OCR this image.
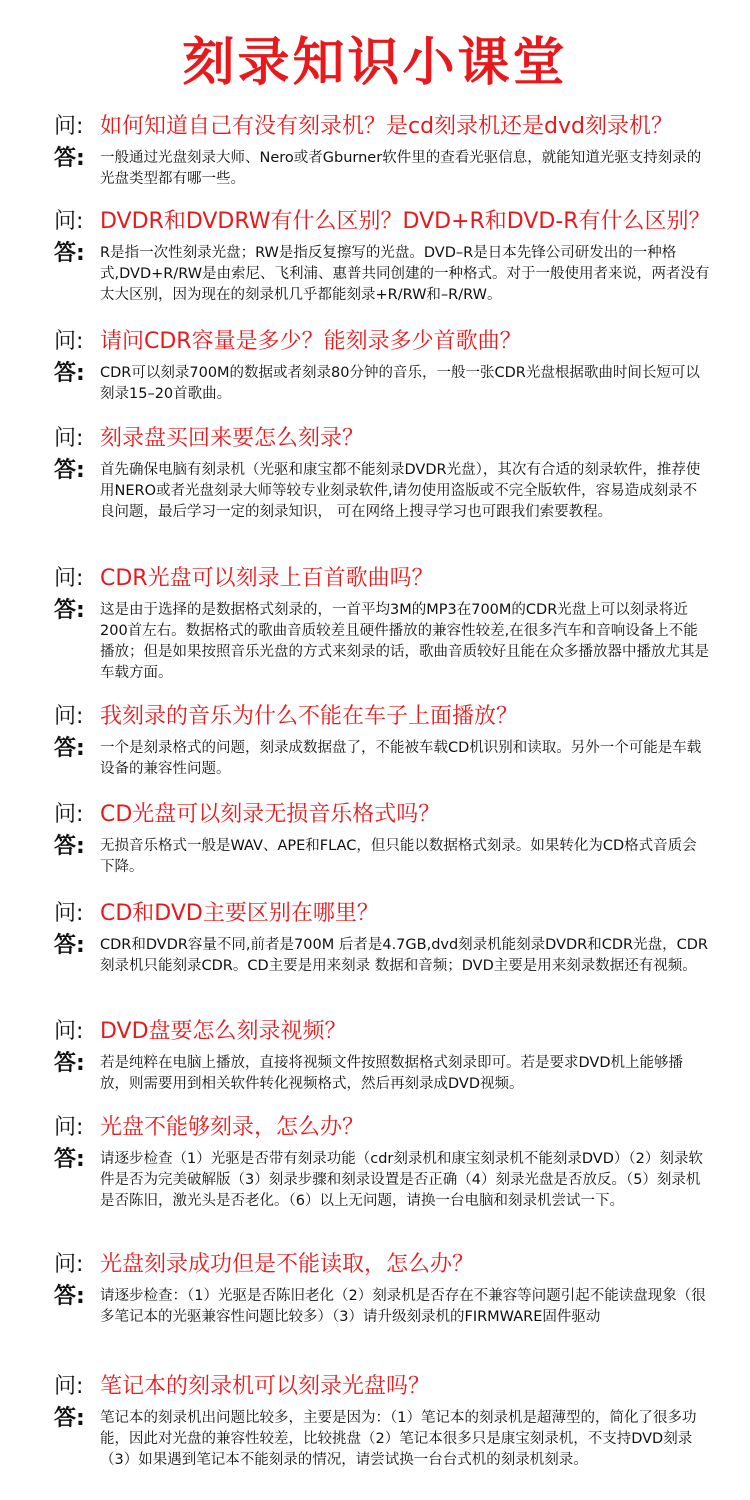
刻录知识小课堂
问: 如何知道自己有没有刻录机？是cd刻录机还是dvd刻录机？
答: 一般通过光盘刻录大师、Nero或者Gburner软件里的查看光驱信息，就能知道光驱支持刻录的光盘类型都有哪一些。
问: DVDR和DVDRW有什么区别？DVD+R和DVD-R有什么区别？
答: R是指一次性刻录光盘；RW是指反复擦写的光盘。DVD–R是日本先锋公司研发出的一种格式,DVD+R/RW是由索尼、飞利浦、惠普共同创建的一种格式。对于一般使用者来说，两者没有太大区别，因为现在的刻录机几乎都能刻录+R/RW和–R/RW。
问: 请问CDR容量是多少？能刻录多少首歌曲？
答: CDR可以刻录700M的数据或者刻录80分钟的音乐，一般一张CDR光盘根据歌曲时间长短可以刻录15–20首歌曲。
问: 刻录盘买回来要怎么刻录？
答: 首先确保电脑有刻录机（光驱和康宝都不能刻录DVDR光盘），其次有合适的刻录软件，推荐使用NERO或者光盘刻录大师等较专业刻录软件,请勿使用盗版或不完全版软件，容易造成刻录不良问题，最后学习一定的刻录知识， 可在网络上搜寻学习也可跟我们索要教程。
问: CDR光盘可以刻录上百首歌曲吗？
答: 这是由于选择的是数据格式刻录的，一首平均3M的MP3在700M的CDR光盘上可以刻录将近200首左右。数据格式的歌曲音质较差且硬件播放的兼容性较差,在很多汽车和音响设备上不能播放；但是如果按照音乐光盘的方式来刻录的话，歌曲音质较好且能在众多播放器中播放尤其是车载方面。
问: 我刻录的音乐为什么不能在车子上面播放？
答: 一个是刻录格式的问题，刻录成数据盘了，不能被车载CD机识别和读取。另外一个可能是车载设备的兼容性问题。
问: CD光盘可以刻录无损音乐格式吗？
答: 无损音乐格式一般是WAV、APE和FLAC，但只能以数据格式刻录。如果转化为CD格式音质会下降。
问: CD和DVD主要区别在哪里？
答: CDR和DVDR容量不同,前者是700M 后者是4.7GB,dvd刻录机能刻录DVDR和CDR光盘，CDR刻录机只能刻录CDR。CD主要是用来刻录 数据和音频；DVD主要是用来刻录数据还有视频。
问: DVD盘要怎么刻录视频？
答: 若是纯粹在电脑上播放，直接将视频文件按照数据格式刻录即可。若是要求DVD机上能够播放，则需要用到相关软件转化视频格式，然后再刻录成DVD视频。
问: 光盘不能够刻录，怎么办？
答: 请逐步检查（1）光驱是否带有刻录功能（cdr刻录机和康宝刻录机不能刻录DVD）（2）刻录软件是否为完美破解版（3）刻录步骤和刻录设置是否正确（4）刻录光盘是否放反。（5）刻录机是否陈旧，激光头是否老化。（6）以上无问题，请换一台电脑和刻录机尝试一下。
问: 光盘刻录成功但是不能读取，怎么办？
答: 请逐步检查：（1）光驱是否陈旧老化（2）刻录机是否存在不兼容等问题引起不能读盘现象（很多笔记本的光驱兼容性问题比较多）（3）请升级刻录机的FIRMWARE固件驱动
问: 笔记本的刻录机可以刻录光盘吗？
答: 笔记本的刻录机出问题比较多，主要是因为：（1）笔记本的刻录机是超薄型的，简化了很多功能，因此对光盘的兼容性较差，比较挑盘（2）笔记本很多只是康宝刻录机，不支持DVD刻录（3）如果遇到笔记本不能刻录的情况，请尝试换一台台式机的刻录机刻录。
